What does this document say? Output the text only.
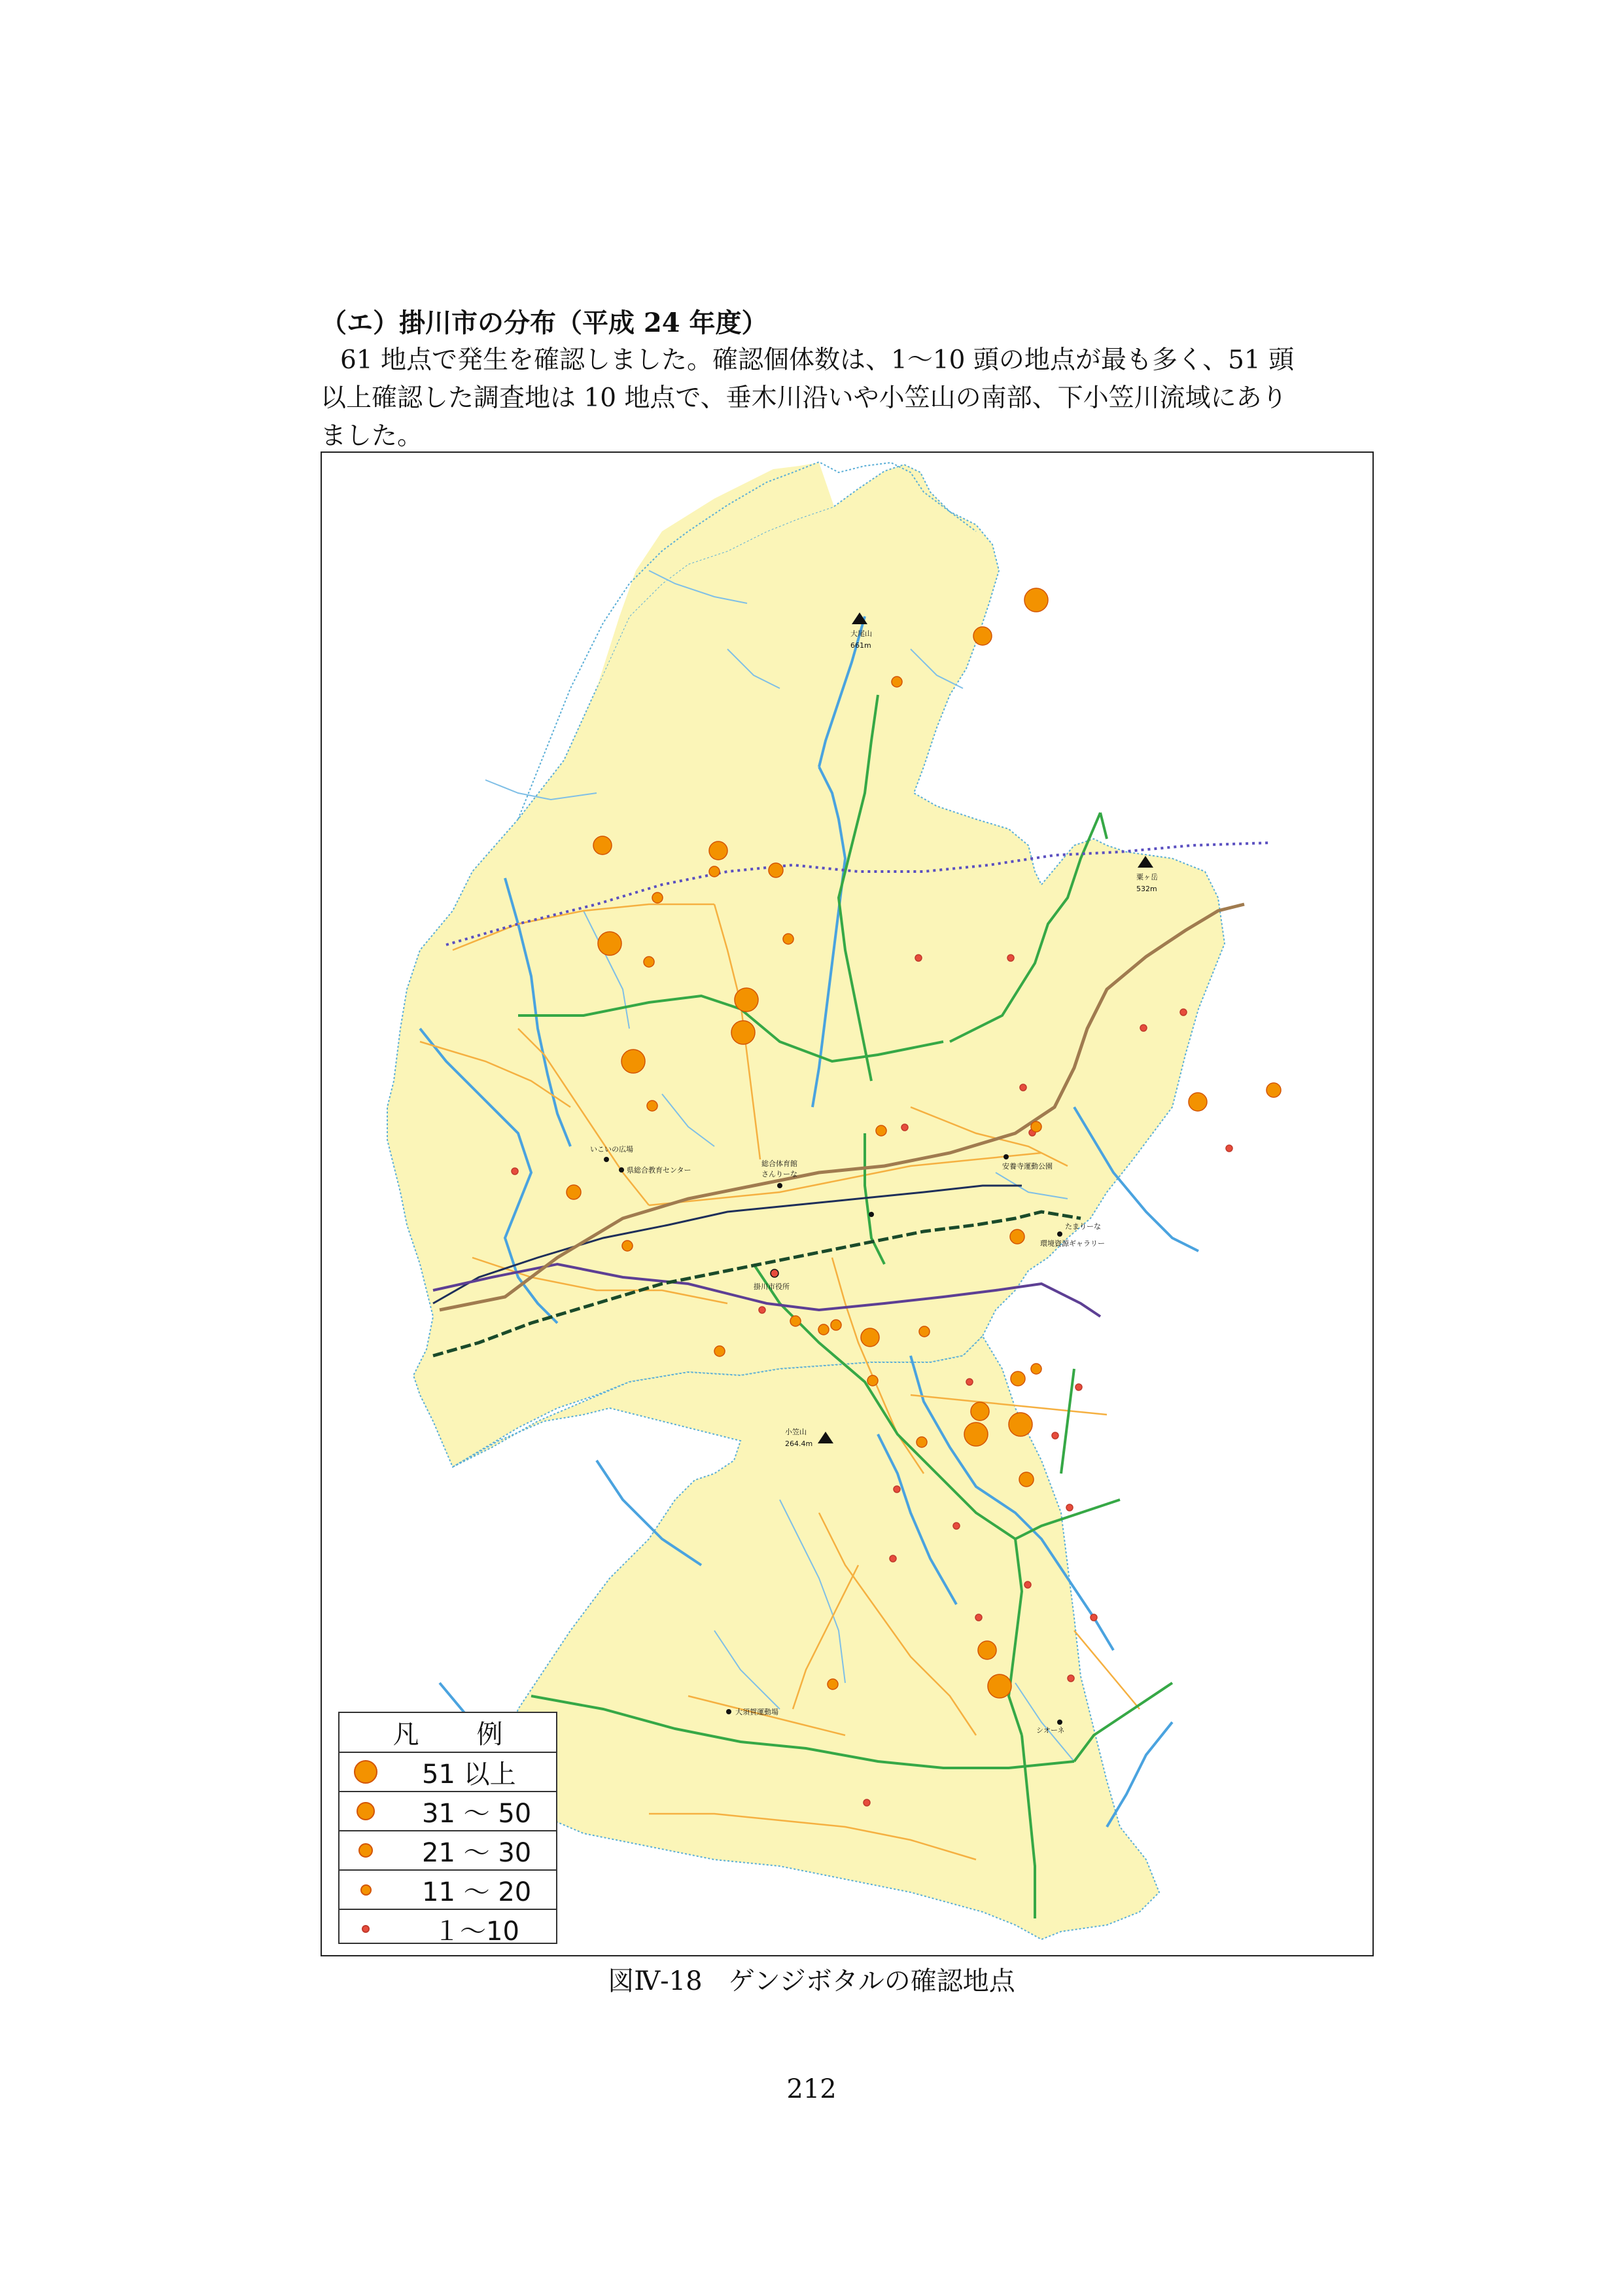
（エ）掛川市の分布（平成 24 年度）
61 地点で発生を確認しました。確認個体数は、1～10 頭の地点が最も多く、51 頭
以上確認した調査地は 10 地点で、垂木川沿いや小笠山の南部、下小笠川流域にあり
ました。
大尾山
661m
粟ヶ岳
532m
小笠山
264.4m
いこいの広場
県総合教育センター
総合体育館
さんりーな
安養寺運動公園
たまりーな
環境資源ギャラリー
掛川市役所
大須賀運動場
シオーネ
凡　例
51 以上
31 ～ 50
21 ～ 30
11 ～ 20
１～10
図Ⅳ-18　ゲンジボタルの確認地点
212
